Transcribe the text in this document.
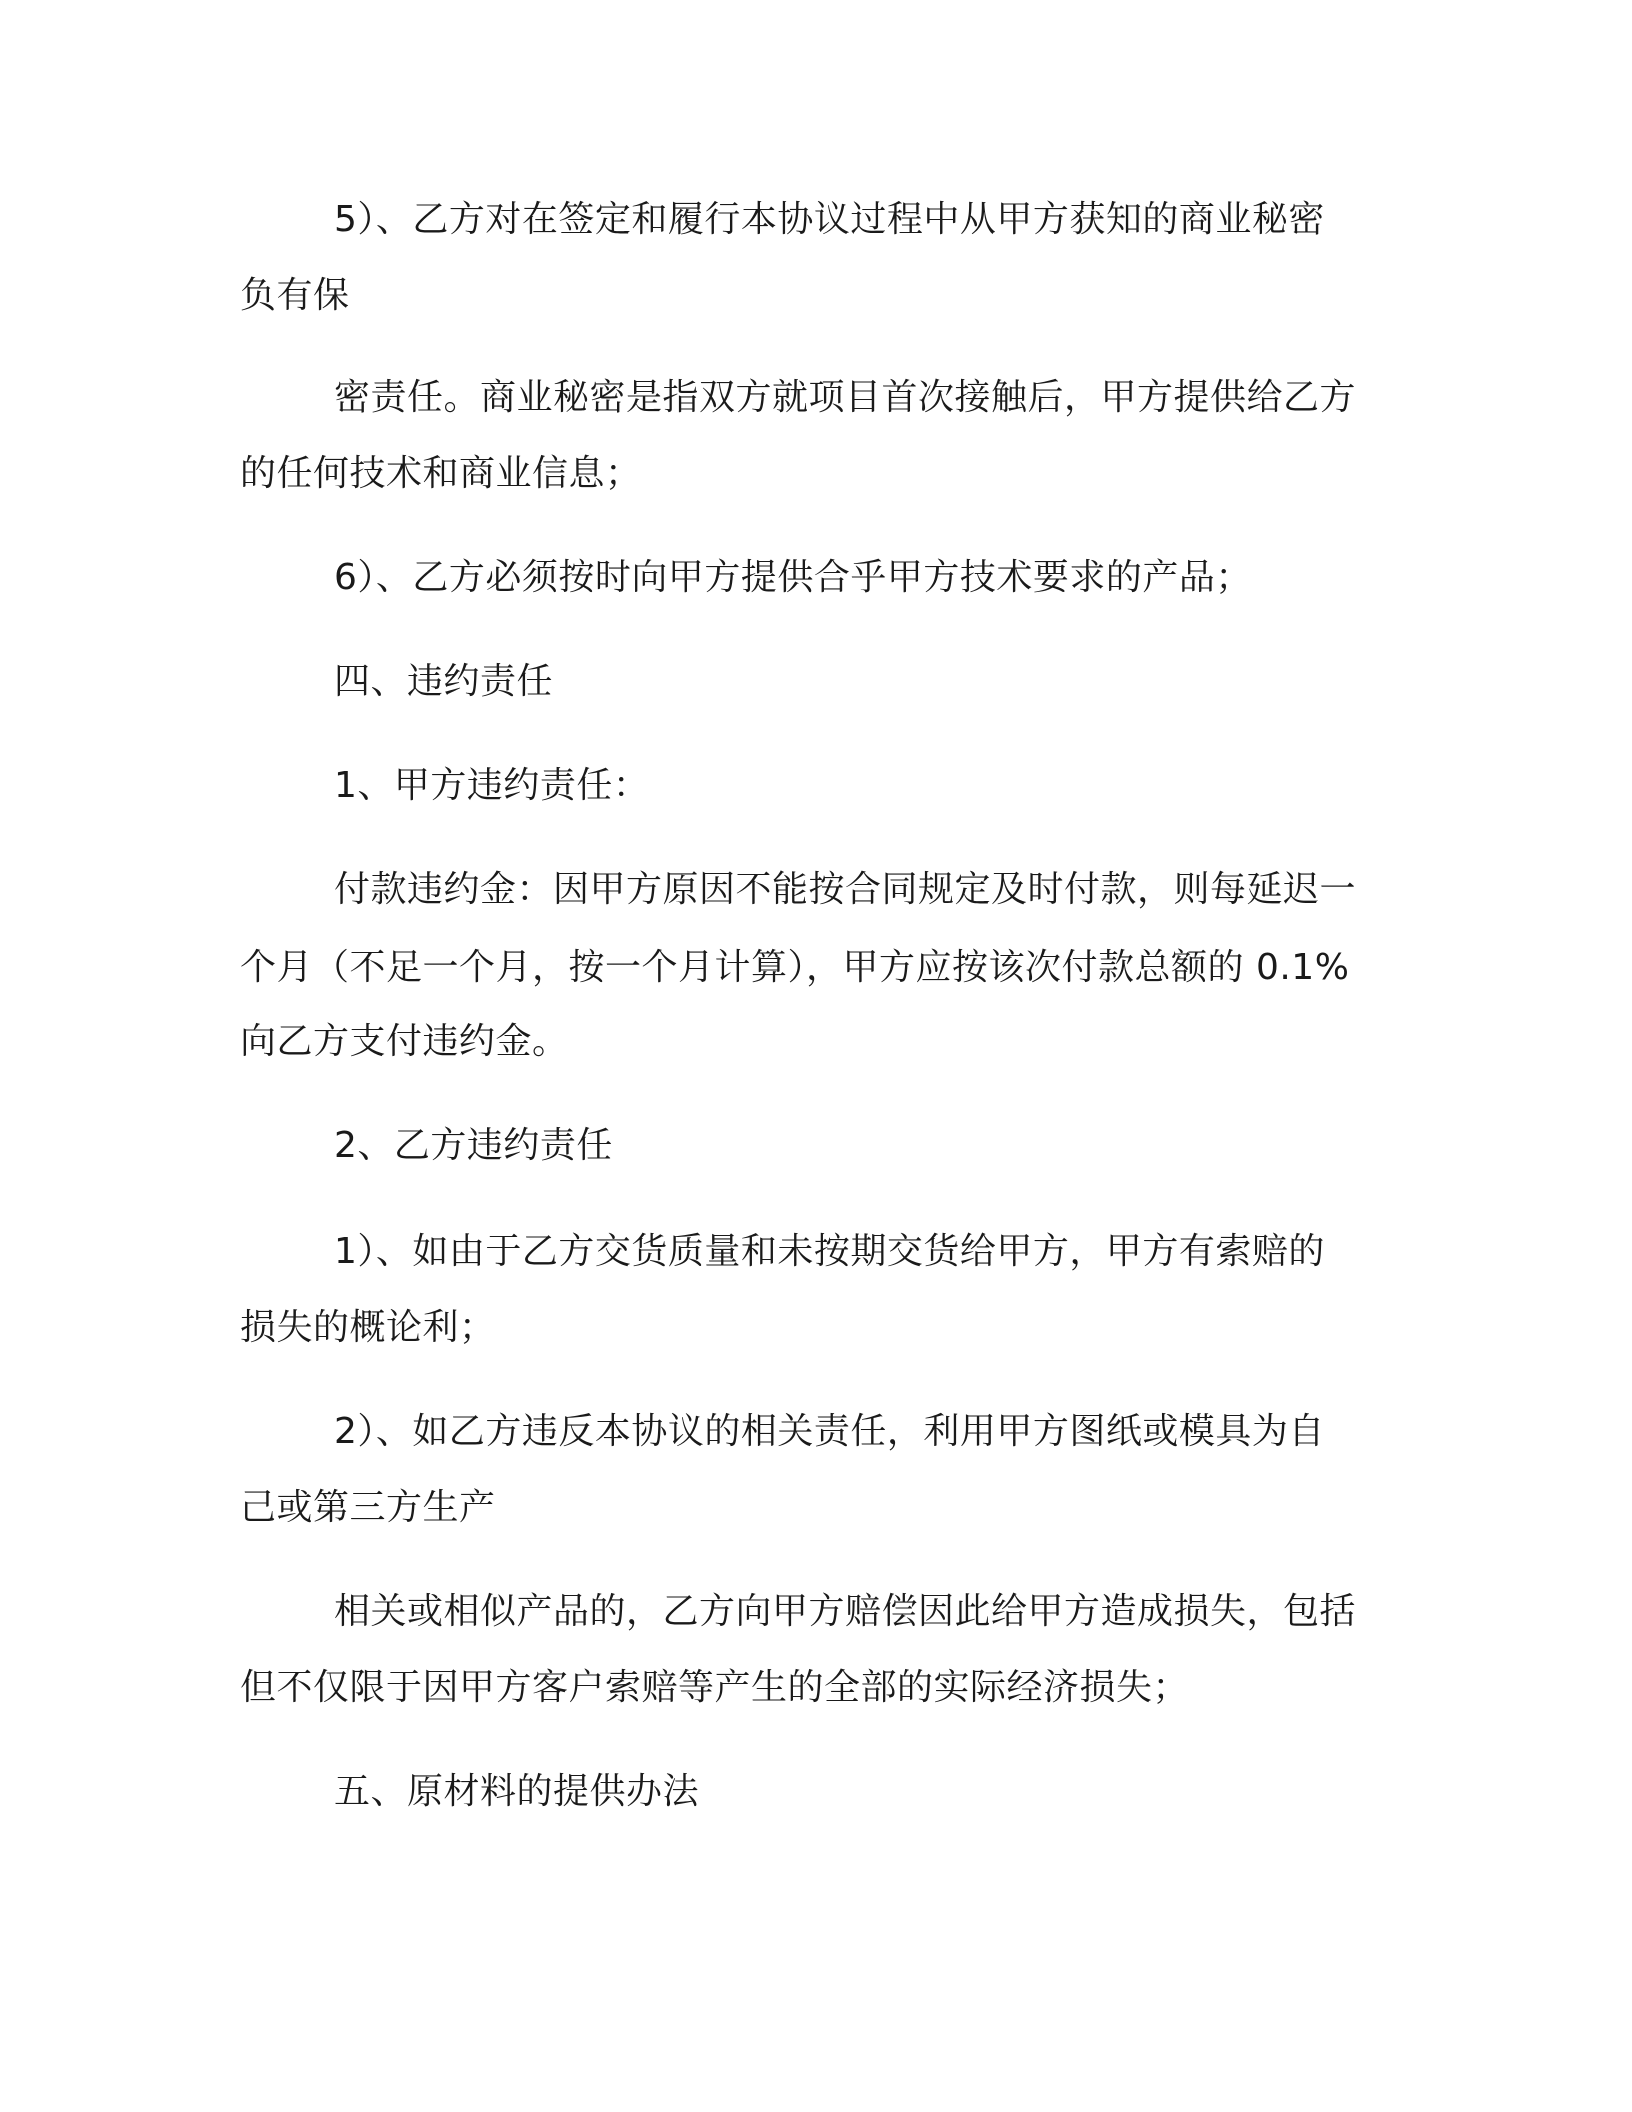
5）、乙方对在签定和履行本协议过程中从甲方获知的商业秘密
负有保
密责任。商业秘密是指双方就项目首次接触后，甲方提供给乙方
的任何技术和商业信息；
6）、乙方必须按时向甲方提供合乎甲方技术要求的产品；
四、违约责任
1、甲方违约责任：
付款违约金：因甲方原因不能按合同规定及时付款，则每延迟一
个月（不足一个月，按一个月计算），甲方应按该次付款总额的 0.1%
向乙方支付违约金。
2、乙方违约责任
1）、如由于乙方交货质量和未按期交货给甲方，甲方有索赔的
损失的概论利；
2）、如乙方违反本协议的相关责任，利用甲方图纸或模具为自
己或第三方生产
相关或相似产品的，乙方向甲方赔偿因此给甲方造成损失，包括
但不仅限于因甲方客户索赔等产生的全部的实际经济损失；
五、原材料的提供办法
